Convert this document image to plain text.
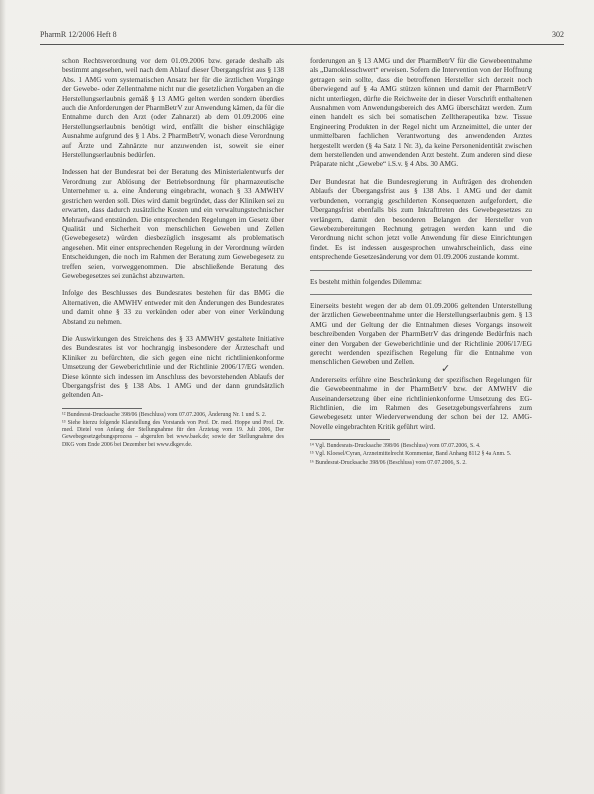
PharmR 12/2006 Heft 8	302

schon Rechtsverordnung vor dem 01.09.2006 bzw. gerade deshalb als bestimmt angesehen, weil nach dem Ablauf dieser Übergangsfrist aus § 138 Abs. 1 AMG vom systematischen Ansatz her für die ärztlichen Vorgänge der Gewebe- oder Zellentnahme nicht nur die gesetzlichen Vorgaben an die Herstellungserlaubnis gemäß § 13 AMG gelten werden sondern überdies auch die Anforderungen der PharmBetrV zur Anwendung kämen, da für die Entnahme durch den Arzt (oder Zahnarzt) ab dem 01.09.2006 eine Herstellungserlaubnis benötigt wird, entfällt die bisher einschlägige Ausnahme aufgrund des § 1 Abs. 2 PharmBetrV, wonach diese Verordnung auf Ärzte und Zahnärzte nur anzuwenden ist, soweit sie einer Herstellungserlaubnis bedürfen.

Indessen hat der Bundesrat bei der Beratung des Ministerialentwurfs der Verordnung zur Ablösung der Betriebsordnung für pharmazeutische Unternehmer u. a. eine Änderung eingebracht, wonach § 33 AMWHV gestrichen werden soll. Dies wird damit begründet, dass der Kliniken sei zu erwarten, dass dadurch zusätzliche Kosten und ein verwaltungstechnischer Mehraufwand entstünden. Die entsprechenden Regelungen im Gesetz über Qualität und Sicherheit von menschlichen Geweben und Zellen (Gewebegesetz) würden diesbezüglich insgesamt als problematisch angesehen. Mit einer entsprechenden Regelung in der Verordnung würden Entscheidungen, die noch im Rahmen der Beratung zum Gewebegesetz zu treffen seien, vorweggenommen. Die abschließende Beratung des Gewebegesetzes sei zunächst abzuwarten.

Infolge des Beschlusses des Bundesrates bestehen für das BMG die Alternativen, die AMWHV entweder mit den Änderungen des Bundesrates und damit ohne § 33 zu verkünden oder aber von einer Verkündung Abstand zu nehmen.

Die Auswirkungen des Streichens des § 33 AMWHV gestaltete Initiative des Bundesrates ist vor hochrangig insbesondere der Ärzteschaft und Kliniker zu befürchten, die sich gegen eine nicht richtlinienkonforme Umsetzung der Geweberichtlinie und der Richtlinie 2006/17/EG wenden. Diese könnte sich indessen im Anschluss des bevorstehenden Ablaufs der Übergangsfrist des § 138 Abs. 1 AMG und der dann grundsätzlich geltenden An-

¹² Bundesrat-Drucksache 398/06 (Beschluss) vom 07.07.2006, Änderung Nr. 1 und S. 2.
¹³ Siehe hierzu folgende Klarstellung des Vorstands von Prof. Dr. med. Hoppe und Prof. Dr. med. Dietel von Anfang der Stellungnahme für den Ärztetag vom 19. Juli 2006, Der Gewebegesetzgebungsprozess – abgerufen bei www.baek.de; sowie der Stellungnahme des DKG vom Ende 2006 bei Dezember bei www.dkgev.de.
✓

forderungen an § 13 AMG und der PharmBetrV für die Gewebeentnahme als „Damoklesschwert“ erweisen. Sofern die Intervention von der Hoffnung getragen sein sollte, dass die betroffenen Hersteller sich derzeit noch überwiegend auf § 4a AMG stützen können und damit der PharmBetrV nicht unterliegen, dürfte die Reichweite der in dieser Vorschrift enthaltenen Ausnahmen vom Anwendungsbereich des AMG überschätzt werden. Zum einen handelt es sich bei somatischen Zelltherapeutika bzw. Tissue Engineering Produkten in der Regel nicht um Arzneimittel, die unter der unmittelbaren fachlichen Verantwortung des anwendenden Arztes hergestellt werden (§ 4a Satz 1 Nr. 3), da keine Personenidentität zwischen dem herstellenden und anwendenden Arzt besteht. Zum anderen sind diese Präparate nicht „Gewebe“ i.S.v. § 4 Abs. 30 AMG.

Der Bundesrat hat die Bundesregierung in Aufträgen des drohenden Ablaufs der Übergangsfrist aus § 138 Abs. 1 AMG und der damit verbundenen, vorrangig geschilderten Konsequenzen aufgefordert, die Übergangsfrist ebenfalls bis zum Inkrafttreten des Gewebegesetzes zu verlängern, damit den besonderen Belangen der Hersteller von Gewebezubereitungen Rechnung getragen werden kann und die Verordnung nicht schon jetzt volle Anwendung für diese Einrichtungen findet. Es ist indessen ausgesprochen unwahrscheinlich, dass eine entsprechende Gesetzesänderung vor dem 01.09.2006 zustande kommt.

Es besteht mithin folgendes Dilemma:

Einerseits besteht wegen der ab dem 01.09.2006 geltenden Unterstellung der ärztlichen Gewebeentnahme unter die Herstellungserlaubnis gem. § 13 AMG und der Geltung der die Entnahmen dieses Vorgangs insoweit beschreibenden Vorgaben der PharmBetrV das dringende Bedürfnis nach einer den Vorgaben der Geweberichtlinie und der Richtlinie 2006/17/EG gerecht werdenden spezifischen Regelung für die Entnahme von menschlichen Geweben und Zellen.

Andererseits erführe eine Beschränkung der spezifischen Regelungen für die Gewebeentnahme in der PharmBetrV bzw. der AMWHV die Auseinandersetzung über eine richtlinienkonforme Umsetzung des EG-Richtlinien, die im Rahmen des Gesetzgebungsverfahrens zum Gewebegesetz unter Wiederverwendung der schon bei der 12. AMG-Novelle eingebrachten Kritik geführt wird.

¹⁴ Vgl. Bundesrats-Drucksache 398/06 (Beschluss) vom 07.07.2006, S. 4.
¹⁵ Vgl. Kloesel/Cyran, Arzneimittelrecht Kommentar, Band Anhang 8112 § 4a Anm. 5.
¹⁶ Bundesrat-Drucksache 398/06 (Beschluss) vom 07.07.2006, S. 2.
